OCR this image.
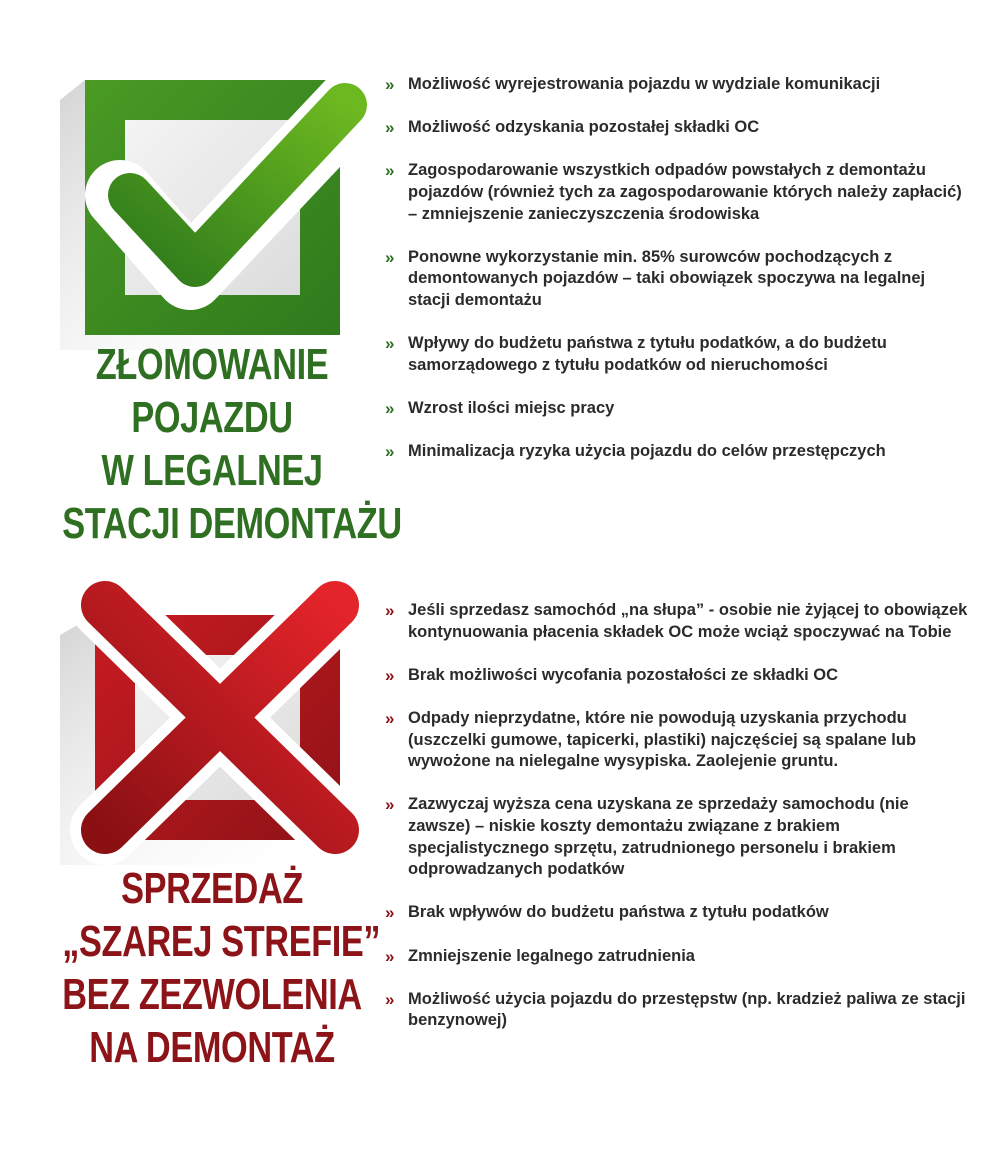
ZŁOMOWANIE
POJAZDU
W LEGALNEJ
STACJI DEMONTAŻU
» Możliwość wyrejestrowania pojazdu w wydziale komunikacji
» Możliwość odzyskania pozostałej składki OC
» Zagospodarowanie wszystkich odpadów powstałych z demontażu pojazdów (również tych za zagospodarowanie których należy zapłacić) – zmniejszenie zanieczyszczenia środowiska
» Ponowne wykorzystanie min. 85% surowców pochodzących z demontowanych pojazdów – taki obowiązek spoczywa na legalnej stacji demontażu
» Wpływy do budżetu państwa z tytułu podatków, a do budżetu samorządowego z tytułu podatków od nieruchomości
» Wzrost ilości miejsc pracy
» Minimalizacja ryzyka użycia pojazdu do celów przestępczych
SPRZEDAŻ
„SZAREJ STREFIE”
BEZ ZEZWOLENIA
NA DEMONTAŻ
» Jeśli sprzedasz samochód „na słupa” - osobie nie żyjącej to obowiązek kontynuowania płacenia składek OC może wciąż spoczywać na Tobie
» Brak możliwości wycofania pozostałości ze składki OC
» Odpady nieprzydatne, które nie powodują uzyskania przychodu (uszczelki gumowe, tapicerki, plastiki) najczęściej są spalane lub wywożone na nielegalne wysypiska. Zaolejenie gruntu.
» Zazwyczaj wyższa cena uzyskana ze sprzedaży samochodu (nie zawsze) – niskie koszty demontażu związane z brakiem specjalistycznego sprzętu, zatrudnionego personelu i brakiem odprowadzanych podatków
» Brak wpływów do budżetu państwa z tytułu podatków
» Zmniejszenie legalnego zatrudnienia
» Możliwość użycia pojazdu do przestępstw (np. kradzież paliwa ze stacji benzynowej)
